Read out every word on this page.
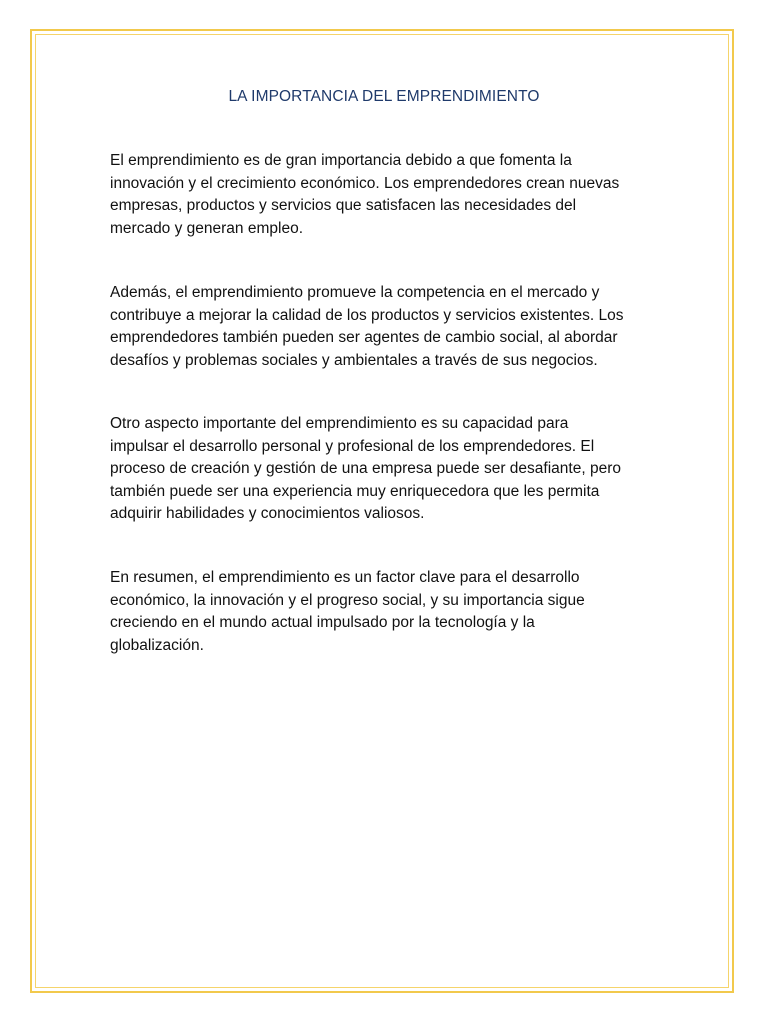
LA IMPORTANCIA DEL EMPRENDIMIENTO

El emprendimiento es de gran importancia debido a que fomenta la
innovación y el crecimiento económico. Los emprendedores crean nuevas
empresas, productos y servicios que satisfacen las necesidades del
mercado y generan empleo.

Además, el emprendimiento promueve la competencia en el mercado y
contribuye a mejorar la calidad de los productos y servicios existentes. Los
emprendedores también pueden ser agentes de cambio social, al abordar
desafíos y problemas sociales y ambientales a través de sus negocios.

Otro aspecto importante del emprendimiento es su capacidad para
impulsar el desarrollo personal y profesional de los emprendedores. El
proceso de creación y gestión de una empresa puede ser desafiante, pero
también puede ser una experiencia muy enriquecedora que les permita
adquirir habilidades y conocimientos valiosos.

En resumen, el emprendimiento es un factor clave para el desarrollo
económico, la innovación y el progreso social, y su importancia sigue
creciendo en el mundo actual impulsado por la tecnología y la
globalización.
